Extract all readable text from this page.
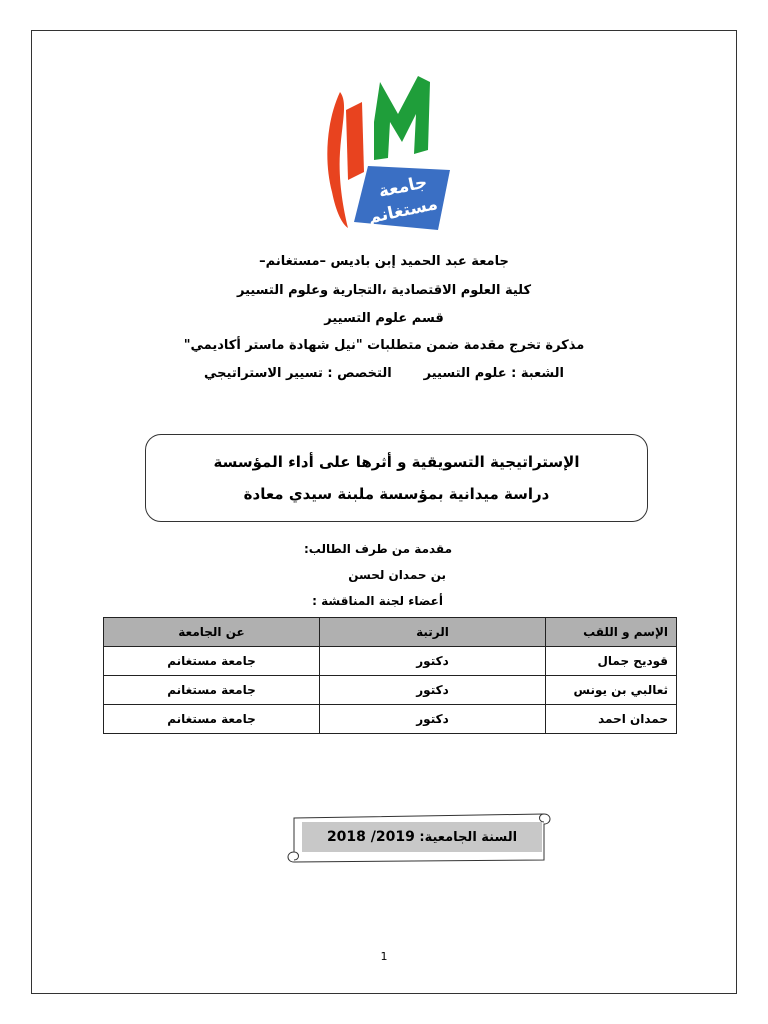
جامعة
مستغانم
جامعة عبد الحميد إبن باديس –مستغانم–
كلية العلوم الاقتصادية ،التجارية وعلوم التسيير
قسم علوم التسيير
مذكرة تخرج مقدمة ضمن متطلبات "نيل شهادة ماستر أكاديمي"
الشعبة : علوم التسييرالتخصص : تسيير الاستراتيجي
الإستراتيجية التسويقية و أثرها على أداء المؤسسة
دراسة ميدانية بمؤسسة ملبنة سيدي معادة
مقدمة من طرف الطالب:
بن حمدان لحسن
أعضاء لجنة المناقشة :
الإسم و اللقب	الرتبة	عن الجامعة
قوديح جمال	دكتور	جامعة مستغانم
ثعالبي بن يونس	دكتور	جامعة مستغانم
حمدان احمد	دكتور	جامعة مستغانم
السنة الجامعية: 2019/ 2018
1
